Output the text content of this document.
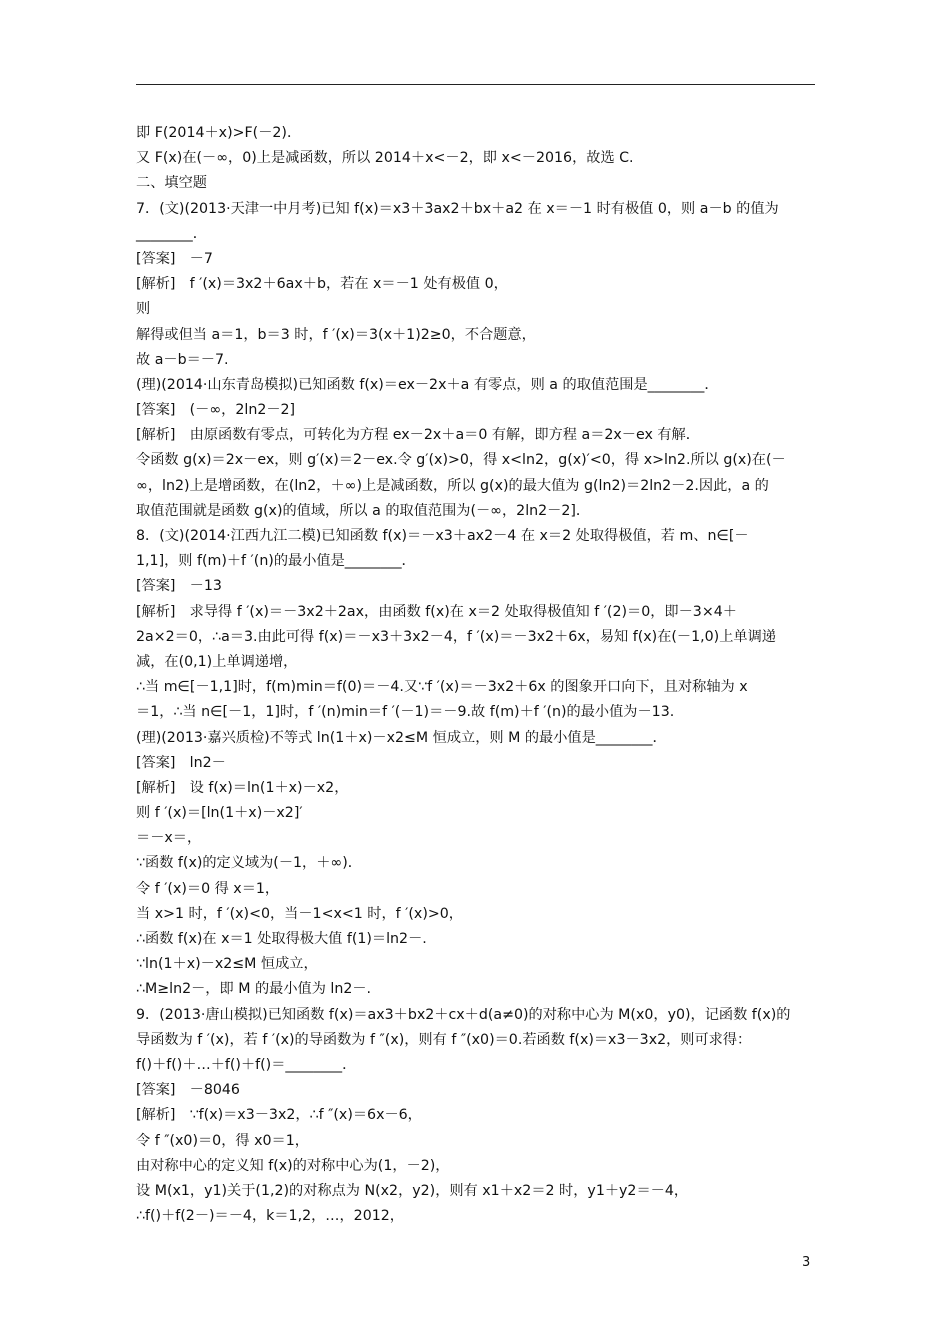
即 F(2014＋x)>F(－2)．
又 F(x)在(－∞，0)上是减函数，所以 2014＋x<－2，即 x<－2016，故选 C.
二、填空题
7．(文)(2013·天津一中月考)已知 f(x)＝x3＋3ax2＋bx＋a2 在 x＝－1 时有极值 0，则 a－b 的值为
________．
[答案]　－7
[解析]　f ′(x)＝3x2＋6ax＋b，若在 x＝－1 处有极值 0，
则
解得或但当 a＝1，b＝3 时，f ′(x)＝3(x＋1)2≥0，不合题意，
故 a－b＝－7.
(理)(2014·山东青岛模拟)已知函数 f(x)＝ex－2x＋a 有零点，则 a 的取值范围是________．
[答案]　(－∞，2ln2－2]
[解析]　由原函数有零点，可转化为方程 ex－2x＋a＝0 有解，即方程 a＝2x－ex 有解．
令函数 g(x)＝2x－ex，则 g′(x)＝2－ex.令 g′(x)>0，得 x<ln2，g(x)′<0，得 x>ln2.所以 g(x)在(－
∞，ln2)上是增函数，在(ln2，＋∞)上是减函数，所以 g(x)的最大值为 g(ln2)＝2ln2－2.因此，a 的
取值范围就是函数 g(x)的值域，所以 a 的取值范围为(－∞，2ln2－2]．
8．(文)(2014·江西九江二模)已知函数 f(x)＝－x3＋ax2－4 在 x＝2 处取得极值，若 m、n∈[－
1,1]，则 f(m)＋f ′(n)的最小值是________．
[答案]　－13
[解析]　求导得 f ′(x)＝－3x2＋2ax，由函数 f(x)在 x＝2 处取得极值知 f ′(2)＝0，即－3×4＋
2a×2＝0，∴a＝3.由此可得 f(x)＝－x3＋3x2－4，f ′(x)＝－3x2＋6x，易知 f(x)在(－1,0)上单调递
减，在(0,1)上单调递增，
∴当 m∈[－1,1]时，f(m)min＝f(0)＝－4.又∵f ′(x)＝－3x2＋6x 的图象开口向下，且对称轴为 x
＝1，∴当 n∈[－1，1]时，f ′(n)min＝f ′(－1)＝－9.故 f(m)＋f ′(n)的最小值为－13.
(理)(2013·嘉兴质检)不等式 ln(1＋x)－x2≤M 恒成立，则 M 的最小值是________．
[答案]　ln2－
[解析]　设 f(x)＝ln(1＋x)－x2，
则 f ′(x)＝[ln(1＋x)－x2]′
＝－x＝，
∵函数 f(x)的定义域为(－1，＋∞)．
令 f ′(x)＝0 得 x＝1，
当 x>1 时，f ′(x)<0，当－1<x<1 时，f ′(x)>0，
∴函数 f(x)在 x＝1 处取得极大值 f(1)＝ln2－.
∵ln(1＋x)－x2≤M 恒成立，
∴M≥ln2－，即 M 的最小值为 ln2－.
9．(2013·唐山模拟)已知函数 f(x)＝ax3＋bx2＋cx＋d(a≠0)的对称中心为 M(x0，y0)，记函数 f(x)的
导函数为 f ′(x)，若 f ′(x)的导函数为 f ″(x)，则有 f ″(x0)＝0.若函数 f(x)＝x3－3x2，则可求得：
f()＋f()＋…＋f()＋f()＝________．
[答案]　－8046
[解析]　∵f(x)＝x3－3x2，∴f ″(x)＝6x－6，
令 f ″(x0)＝0，得 x0＝1，
由对称中心的定义知 f(x)的对称中心为(1，－2)，
设 M(x1，y1)关于(1,2)的对称点为 N(x2，y2)，则有 x1＋x2＝2 时，y1＋y2＝－4，
∴f()＋f(2－)＝－4，k＝1,2，…，2012，
3
